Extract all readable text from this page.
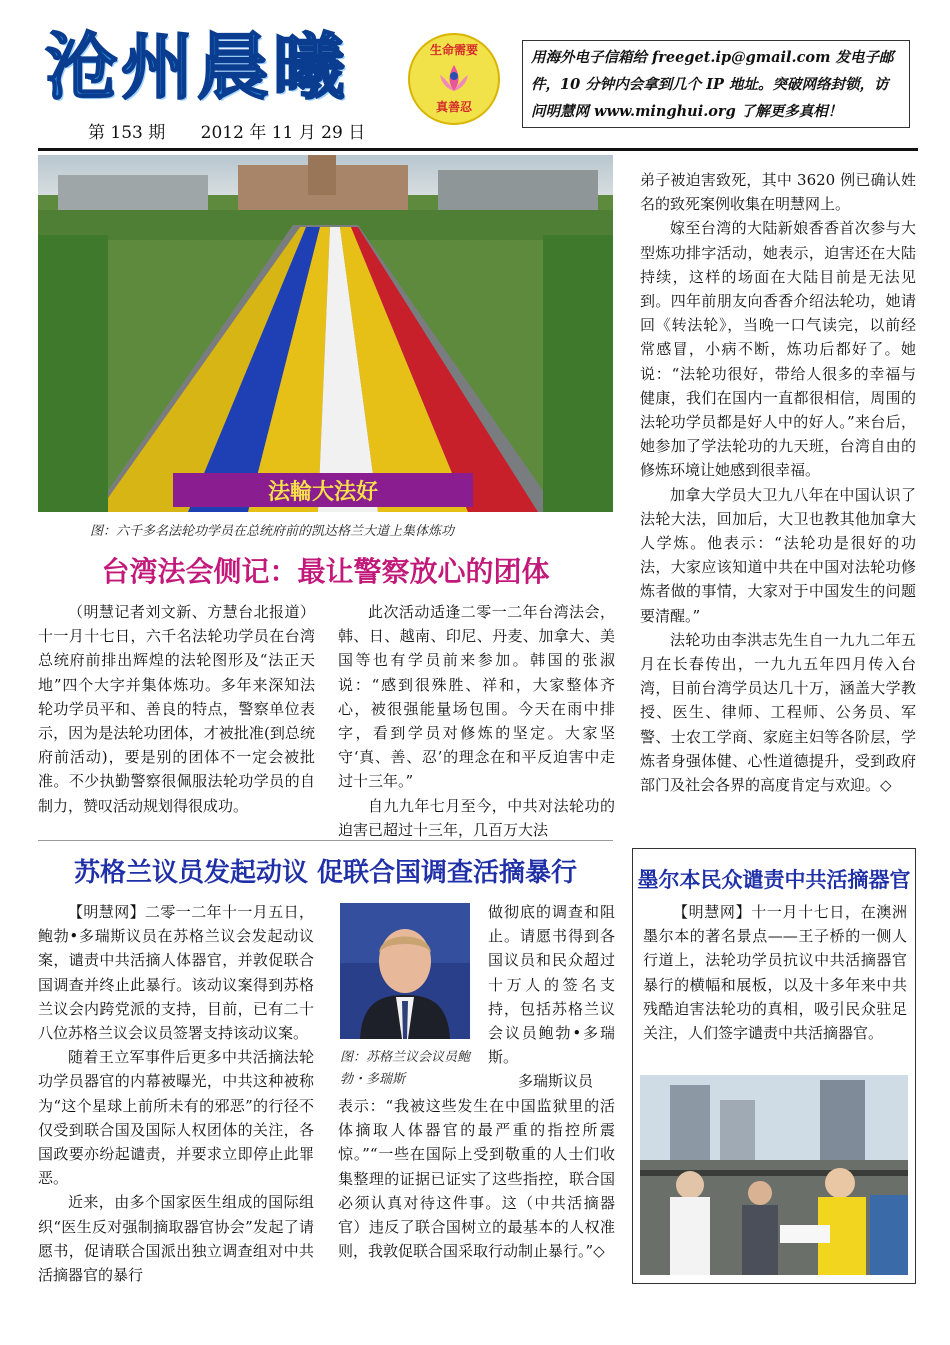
沧州晨曦	生命需要
真善忍
第 153 期 2012 年 11 月 29 日
用海外电子信箱给 freeget.ip@gmail.com 发电子邮件，10 分钟内会拿到几个 IP 地址。突破网络封锁，访问明慧网 www.minghui.org 了解更多真相！
法輪大法好
图：六千多名法轮功学员在总统府前的凯达格兰大道上集体炼功
台湾法会侧记：最让警察放心的团体

（明慧记者刘文新、方慧台北报道）十一月十七日，六千名法轮功学员在台湾总统府前排出辉煌的法轮图形及“法正天地”四个大字并集体炼功。多年来深知法轮功学员平和、善良的特点，警察单位表示，因为是法轮功团体，才被批准(到总统府前活动)，要是别的团体不一定会被批准。不少执勤警察很佩服法轮功学员的自制力，赞叹活动规划得很成功。

此次活动适逢二零一二年台湾法会，韩、日、越南、印尼、丹麦、加拿大、美国等也有学员前来参加。韩国的张淑说：“感到很殊胜、祥和，大家整体齐心，被很强能量场包围。今天在雨中排字，看到学员对修炼的坚定。大家坚守‘真、善、忍’的理念在和平反迫害中走过十三年。”

自九九年七月至今，中共对法轮功的迫害已超过十三年，几百万大法

弟子被迫害致死，其中 3620 例已确认姓名的致死案例收集在明慧网上。

嫁至台湾的大陆新娘香香首次参与大型炼功排字活动，她表示，迫害还在大陆持续，这样的场面在大陆目前是无法见到。四年前朋友向香香介绍法轮功，她请回《转法轮》，当晚一口气读完，以前经常感冒，小病不断，炼功后都好了。她说：“法轮功很好，带给人很多的幸福与健康，我们在国内一直都很相信，周围的法轮功学员都是好人中的好人。”来台后，她参加了学法轮功的九天班，台湾自由的修炼环境让她感到很幸福。

加拿大学员大卫九八年在中国认识了法轮大法，回加后，大卫也教其他加拿大人学炼。他表示：“法轮功是很好的功法，大家应该知道中共在中国对法轮功修炼者做的事情，大家对于中国发生的问题要清醒。”

法轮功由李洪志先生自一九九二年五月在长春传出，一九九五年四月传入台湾，目前台湾学员达几十万，涵盖大学教授、医生、律师、工程师、公务员、军警、士农工学商、家庭主妇等各阶层，学炼者身强体健、心性道德提升，受到政府部门及社会各界的高度肯定与欢迎。◇

苏格兰议员发起动议 促联合国调查活摘暴行

【明慧网】二零一二年十一月五日，鲍勃•多瑞斯议员在苏格兰议会发起动议案，谴责中共活摘人体器官，并敦促联合国调查并终止此暴行。该动议案得到苏格兰议会内跨党派的支持，目前，已有二十八位苏格兰议会议员签署支持该动议案。

随着王立军事件后更多中共活摘法轮功学员器官的内幕被曝光，中共这种被称为“这个星球上前所未有的邪恶”的行径不仅受到联合国及国际人权团体的关注，各国政要亦纷起谴责，并要求立即停止此罪恶。

近来，由多个国家医生组成的国际组织“医生反对强制摘取器官协会”发起了请愿书，促请联合国派出独立调查组对中共活摘器官的暴行

图：苏格兰议会议员鲍勃・多瑞斯

做彻底的调查和阻止。请愿书得到各国议员和民众超过十万人的签名支持，包括苏格兰议会议员鲍勃•多瑞斯。

多瑞斯议员

表示：“我被这些发生在中国监狱里的活体摘取人体器官的最严重的指控所震惊。”“一些在国际上受到敬重的人士们收集整理的证据已证实了这些指控，联合国必须认真对待这件事。这（中共活摘器官）违反了联合国树立的最基本的人权准则，我敦促联合国采取行动制止暴行。”◇

墨尔本民众谴责中共活摘器官

【明慧网】十一月十七日，在澳洲墨尔本的著名景点——王子桥的一侧人行道上，法轮功学员抗议中共活摘器官暴行的横幅和展板，以及十多年来中共残酷迫害法轮功的真相，吸引民众驻足关注，人们签字谴责中共活摘器官。
